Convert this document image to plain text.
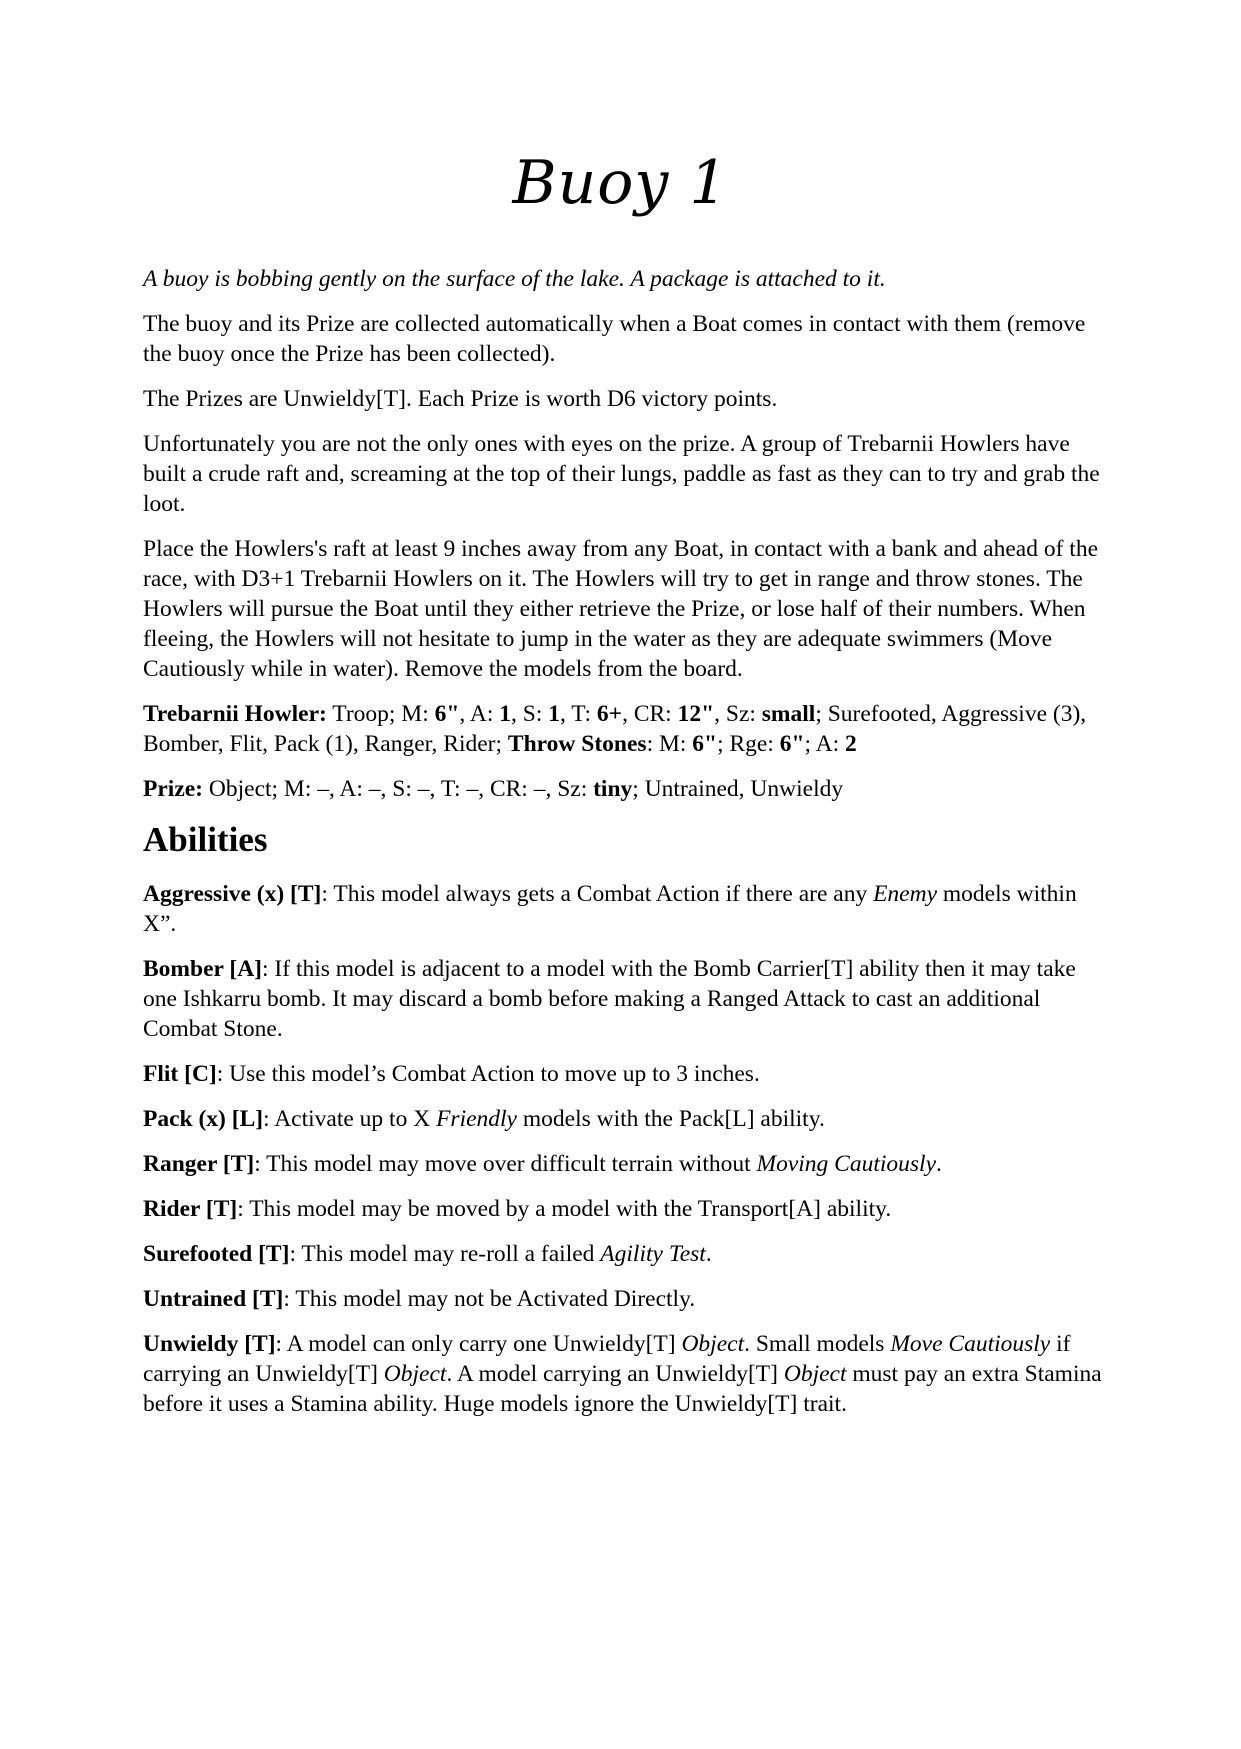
Buoy 1

A buoy is bobbing gently on the surface of the lake. A package is attached to it.

The buoy and its Prize are collected automatically when a Boat comes in contact with them (remove the buoy once the Prize has been collected).

The Prizes are Unwieldy[T]. Each Prize is worth D6 victory points.

Unfortunately you are not the only ones with eyes on the prize. A group of Trebarnii Howlers have built a crude raft and, screaming at the top of their lungs, paddle as fast as they can to try and grab the loot.

Place the Howlers's raft at least 9 inches away from any Boat, in contact with a bank and ahead of the race, with D3+1 Trebarnii Howlers on it. The Howlers will try to get in range and throw stones. The Howlers will pursue the Boat until they either retrieve the Prize, or lose half of their numbers. When fleeing, the Howlers will not hesitate to jump in the water as they are adequate swimmers (Move Cautiously while in water). Remove the models from the board.

Trebarnii Howler: Troop; M: 6", A: 1, S: 1, T: 6+, CR: 12", Sz: small; Surefooted, Aggressive (3), Bomber, Flit, Pack (1), Ranger, Rider; Throw Stones: M: 6"; Rge: 6"; A: 2

Prize: Object; M: –, A: –, S: –, T: –, CR: –, Sz: tiny; Untrained, Unwieldy

Abilities

Aggressive (x) [T]: This model always gets a Combat Action if there are any Enemy models within X”.

Bomber [A]: If this model is adjacent to a model with the Bomb Carrier[T] ability then it may take one Ishkarru bomb. It may discard a bomb before making a Ranged Attack to cast an additional Combat Stone.

Flit [C]: Use this model’s Combat Action to move up to 3 inches.

Pack (x) [L]: Activate up to X Friendly models with the Pack[L] ability.

Ranger [T]: This model may move over difficult terrain without Moving Cautiously.

Rider [T]: This model may be moved by a model with the Transport[A] ability.

Surefooted [T]: This model may re-roll a failed Agility Test.

Untrained [T]: This model may not be Activated Directly.

Unwieldy [T]: A model can only carry one Unwieldy[T] Object. Small models Move Cautiously if carrying an Unwieldy[T] Object. A model carrying an Unwieldy[T] Object must pay an extra Stamina before it uses a Stamina ability. Huge models ignore the Unwieldy[T] trait.
